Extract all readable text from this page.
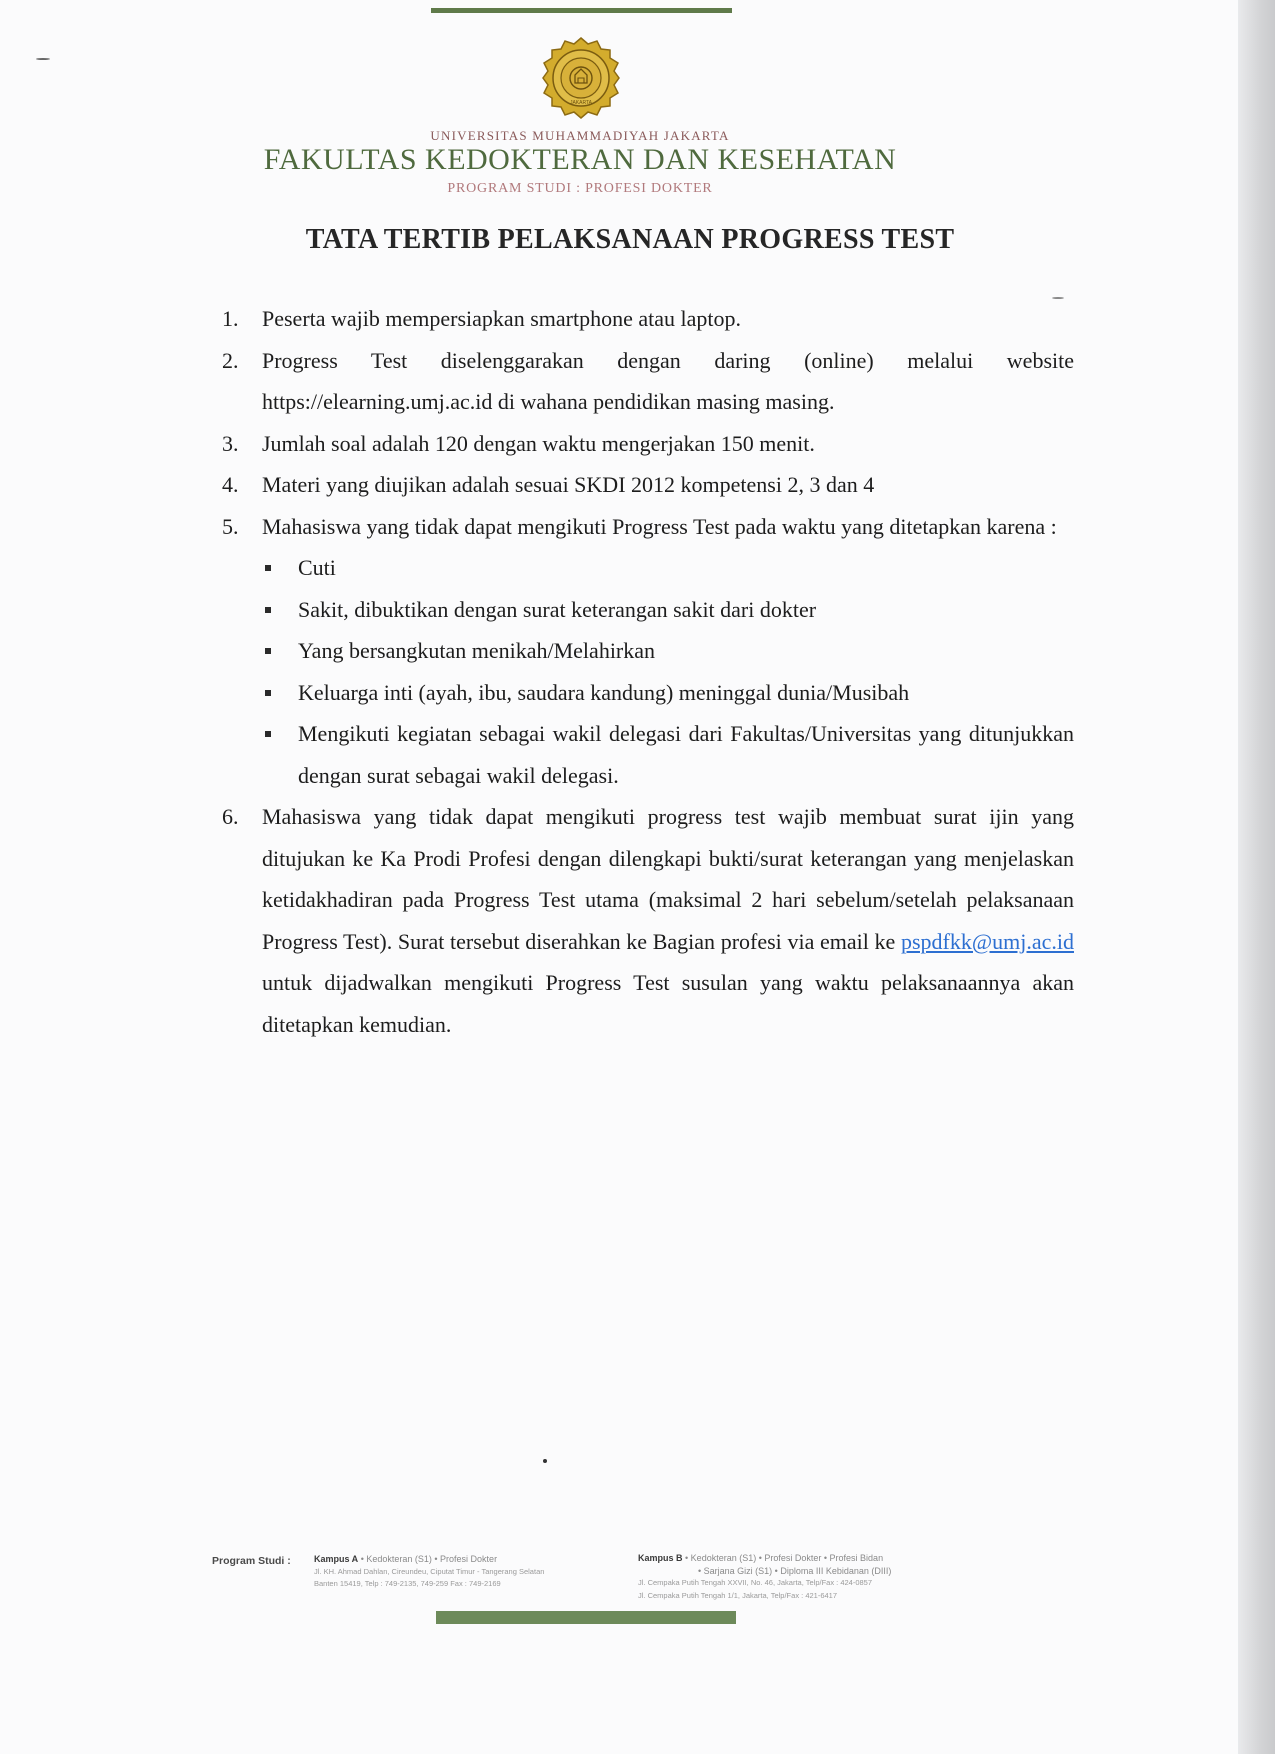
JAKARTA
UNIVERSITAS MUHAMMADIYAH JAKARTA
FAKULTAS KEDOKTERAN DAN KESEHATAN
PROGRAM STUDI : PROFESI DOKTER
TATA TERTIB PELAKSANAAN PROGRESS TEST
1. Peserta wajib mempersiapkan smartphone atau laptop.
2. Progress Test diselenggarakan dengan daring (online) melalui website https://elearning.umj.ac.id di wahana pendidikan masing masing.
3. Jumlah soal adalah 120 dengan waktu mengerjakan 150 menit.
4. Materi yang diujikan adalah sesuai SKDI 2012 kompetensi 2, 3 dan 4
5. Mahasiswa yang tidak dapat mengikuti Progress Test pada waktu yang ditetapkan karena :
Cuti
Sakit, dibuktikan dengan surat keterangan sakit dari dokter
Yang bersangkutan menikah/Melahirkan
Keluarga inti (ayah, ibu, saudara kandung) meninggal dunia/Musibah
Mengikuti kegiatan sebagai wakil delegasi dari Fakultas/Universitas yang ditunjukkan dengan surat sebagai wakil delegasi.
6. Mahasiswa yang tidak dapat mengikuti progress test wajib membuat surat ijin yang ditujukan ke Ka Prodi Profesi dengan dilengkapi bukti/surat keterangan yang menjelaskan ketidakhadiran pada Progress Test utama (maksimal 2 hari sebelum/setelah pelaksanaan Progress Test). Surat tersebut diserahkan ke Bagian profesi via email ke pspdfkk@umj.ac.id untuk dijadwalkan mengikuti Progress Test susulan yang waktu pelaksanaannya akan ditetapkan kemudian.
Program Studi :	Kampus A • Kedokteran (S1) • Profesi Dokter
Jl. KH. Ahmad Dahlan, Cireundeu, Ciputat Timur - Tangerang Selatan
Banten 15419, Telp : 749-2135, 749-259 Fax : 749-2169
Kampus B • Kedokteran (S1) • Profesi Dokter • Profesi Bidan
• Sarjana Gizi (S1) • Diploma III Kebidanan (DIII)
Jl. Cempaka Putih Tengah XXVII, No. 46, Jakarta, Telp/Fax : 424-0857
Jl. Cempaka Putih Tengah 1/1, Jakarta, Telp/Fax : 421-6417
